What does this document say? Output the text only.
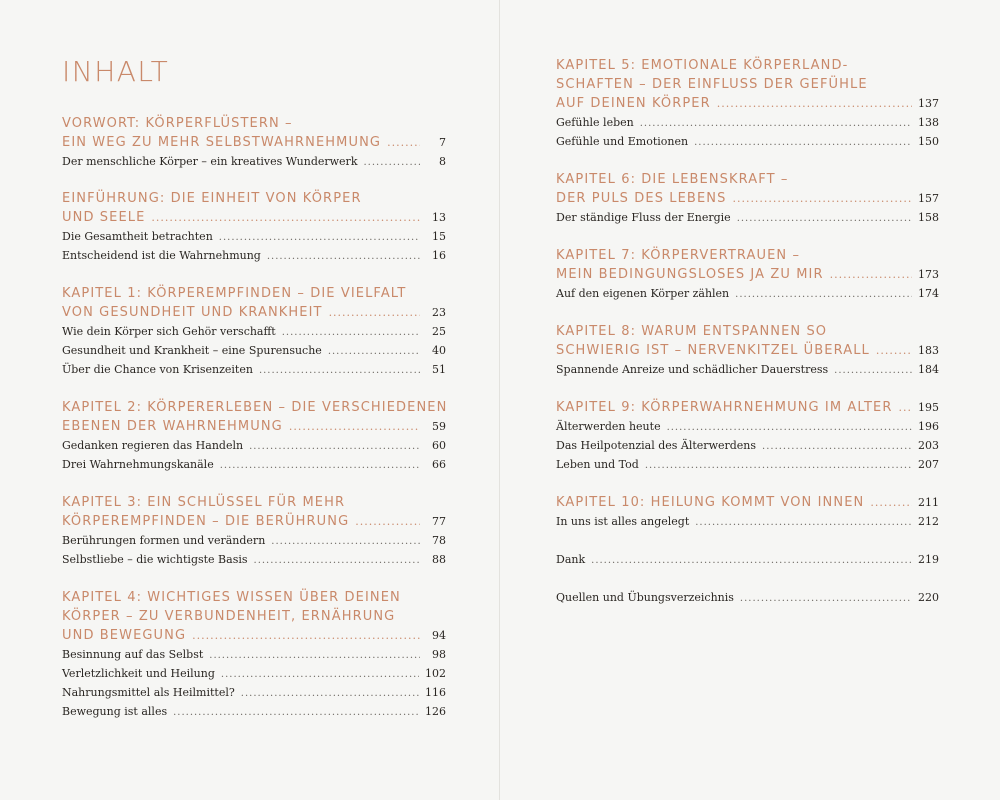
INHALT
VORWORT: KÖRPERFLÜSTERN –
EIN WEG ZU MEHR SELBSTWAHRNEHMUNG .....	7
Der menschliche Körper – ein kreatives Wunderwerk .....	8
EINFÜHRUNG: DIE EINHEIT VON KÖRPER
UND SEELE .....	13
Die Gesamtheit betrachten .....	15
Entscheidend ist die Wahrnehmung .....	16
KAPITEL 1: KÖRPEREMPFINDEN – DIE VIELFALT
VON GESUNDHEIT UND KRANKHEIT .....	23
Wie dein Körper sich Gehör verschafft .....	25
Gesundheit und Krankheit – eine Spurensuche .....	40
Über die Chance von Krisenzeiten .....	51
KAPITEL 2: KÖRPERERLEBEN – DIE VERSCHIEDENEN
EBENEN DER WAHRNEHMUNG .....	59
Gedanken regieren das Handeln .....	60
Drei Wahrnehmungskanäle .....	66
KAPITEL 3: EIN SCHLÜSSEL FÜR MEHR
KÖRPEREMPFINDEN – DIE BERÜHRUNG .....	77
Berührungen formen und verändern .....	78
Selbstliebe – die wichtigste Basis .....	88
KAPITEL 4: WICHTIGES WISSEN ÜBER DEINEN
KÖRPER – ZU VERBUNDENHEIT, ERNÄHRUNG
UND BEWEGUNG .....	94
Besinnung auf das Selbst .....	98
Verletzlichkeit und Heilung .....	102
Nahrungsmittel als Heilmittel? .....	116
Bewegung ist alles .....	126
KAPITEL 5: EMOTIONALE KÖRPERLAND-
SCHAFTEN – DER EINFLUSS DER GEFÜHLE
AUF DEINEN KÖRPER .....	137
Gefühle leben .....	138
Gefühle und Emotionen .....	150
KAPITEL 6: DIE LEBENSKRAFT –
DER PULS DES LEBENS .....	157
Der ständige Fluss der Energie .....	158
KAPITEL 7: KÖRPERVERTRAUEN –
MEIN BEDINGUNGSLOSES JA ZU MIR .....	173
Auf den eigenen Körper zählen .....	174
KAPITEL 8: WARUM ENTSPANNEN SO
SCHWIERIG IST – NERVENKITZEL ÜBERALL .....	183
Spannende Anreize und schädlicher Dauerstress .....	184
KAPITEL 9: KÖRPERWAHRNEHMUNG IM ALTER ..... 195
Älterwerden heute .....	196
Das Heilpotenzial des Älterwerdens .....	203
Leben und Tod .....	207
KAPITEL 10: HEILUNG KOMMT VON INNEN .....	211
In uns ist alles angelegt .....	212
Dank .....	219
Quellen und Übungsverzeichnis .....	220
